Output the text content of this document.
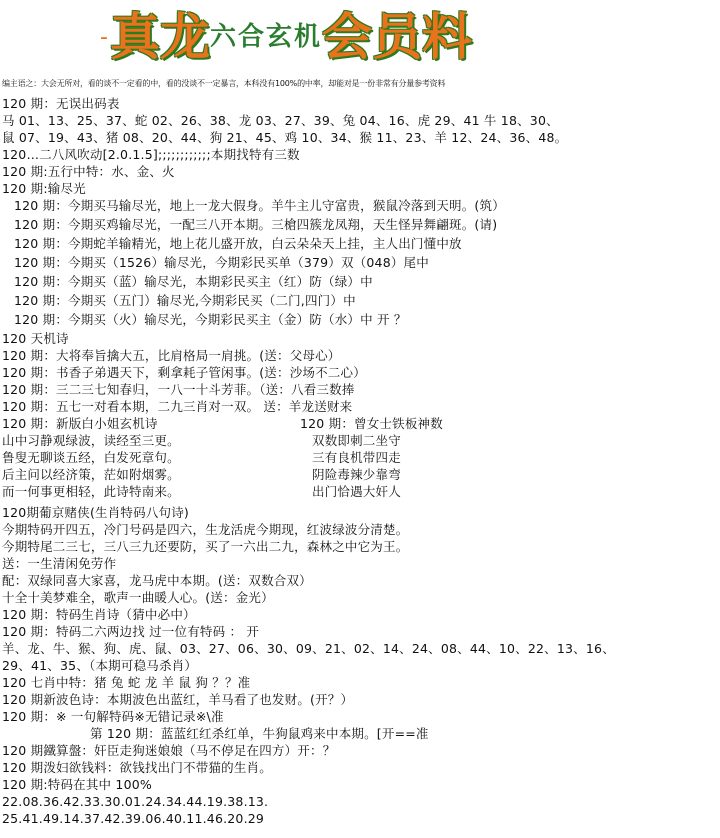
-真龙六合玄机会员料
编主语之：大会无所对，看的谈不一定看的中，看的没谈不一定暴言，本科没有100%的中率，却能对是一份非常有分量参考资料
120 期：无误出码表
马 01、13、25、37、蛇 02、26、38、龙 03、27、39、兔 04、16、虎 29、41 牛 18、30、
鼠 07、19、43、猪 08、20、44、狗 21、45、鸡 10、34、猴 11、23、羊 12、24、36、48。
120…二八风吹动[2.0.1.5];;;;;;;;;;;;本期找特有三数
120 期:五行中特：水、金、火
120 期:输尽光
120 期：今期买马输尽光，地上一龙大假身。羊牛主儿守富贵，猴鼠冷落到天明。(筑）
120 期：今期买鸡输尽光，一配三八开本期。三槍四簇龙凤翔，天生怪异舞翩斑。(请)
120 期：今期蛇羊输精光，地上花儿盛开放，白云朵朵天上挂，主人出门懂中放
120 期：今期买（1526）输尽光，今期彩民买单（379）双（048）尾中
120 期：今期买（蓝）输尽光，本期彩民买主（红）防（绿）中
120 期：今期买（五门）输尽光,今期彩民买（二门,四门）中
120 期：今期买（火）输尽光，今期彩民买主（金）防（水）中 开 ？
120 天机诗
120 期：大将奉旨擒大五，比肩格局一肩挑。(送：父母心）
120 期：书香子弟遇天下，剩拿耗子管闲事。(送：沙场不二心）
120 期：三二三七知春归，一八一十斗芳菲。（送：八看三数捧
120 期：五七一对看本期，二九三肖对一双。 送：羊龙送财来
120 期：新版白小姐玄机诗
山中习静观绿波，读经至三更。
鲁叟无聊谈五经，白发死章句。
后主问以经济策，茫如附烟雾。
而一何事更相轻，此诗特南来。
120 期：曾女士铁板神数
双数即刺二坐守
三有良机带四走
阴险毒辣少靠弯
出门恰遇大奸人
120期葡京赌侠(生肖特码八句诗)
今期特码开四五，冷门号码是四六，生龙活虎今期现，红波绿波分清楚。
今期特尾二三七，三八三九还要防，买了一六出二九，森林之中它为王。
送：一生清闲免劳作
配：双绿同喜大家喜，龙马虎中本期。(送：双数合双）
十全十美梦难全，歌声一曲暖人心。(送：金光）
120 期：特码生肖诗（猜中必中）
120 期：特码二六两边找 过一位有特码 ： 开
羊、龙、牛、猴、狗、虎、鼠、03、27、06、30、09、21、02、14、24、08、44、10、22、13、16、
29、41、35、（本期可稳马杀肖）
120 七肖中特：猪 兔 蛇 龙 羊 鼠 狗 ？？准
120 期新波色诗：本期波色出蓝红，羊马看了也发财。(开？）
120 期：※ 一句解特码※无错记录※\准
第 120 期：蓝蓝红红杀红单，牛狗鼠鸡来中本期。[开==准
120 期鐵算盤：奸臣走狗迷娘娘（马不停足在四方）开：？
120 期泼妇欲钱料：欲钱找出门不带猫的生肖。
120 期:特码在其中 100%
22.08.36.42.33.30.01.24.34.44.19.38.13.
25.41.49.14.37.42.39.06.40.11.46.20.29
